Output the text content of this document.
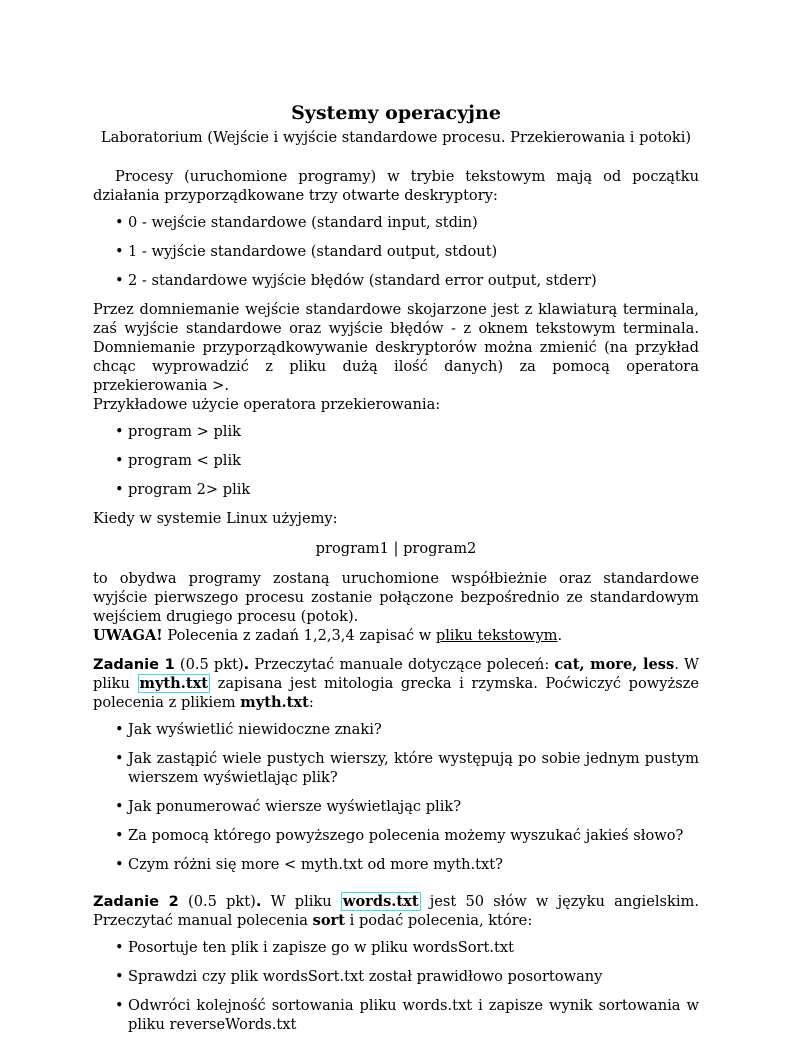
Systemy operacyjne

Laboratorium (Wejście i wyjście standardowe procesu. Przekierowania i potoki)

Procesy (uruchomione programy) w trybie tekstowym mają od początku działania przyporządkowane trzy otwarte deskryptory:

• 0 - wejście standardowe (standard input, stdin)
• 1 - wyjście standardowe (standard output, stdout)
• 2 - standardowe wyjście błędów (standard error output, stderr)

Przez domniemanie wejście standardowe skojarzone jest z klawiaturą terminala, zaś wyjście standardowe oraz wyjście błędów - z oknem tekstowym terminala. Domniemanie przyporządkowywanie deskryptorów można zmienić (na przykład chcąc wyprowadzić z pliku dużą ilość danych) za pomocą operatora przekierowania >.

Przykładowe użycie operatora przekierowania:

• program > plik
• program < plik
• program 2> plik

Kiedy w systemie Linux użyjemy:

program1 | program2

to obydwa programy zostaną uruchomione współbieżnie oraz standardowe wyjście pierwszego procesu zostanie połączone bezpośrednio ze standardowym wejściem drugiego procesu (potok).

UWAGA! Polecenia z zadań 1,2,3,4 zapisać w pliku tekstowym.

Zadanie 1 (0.5 pkt). Przeczytać manuale dotyczące poleceń: cat, more, less. W pliku myth.txt zapisana jest mitologia grecka i rzymska. Poćwiczyć powyższe polecenia z plikiem myth.txt:

• Jak wyświetlić niewidoczne znaki?
• Jak zastąpić wiele pustych wierszy, które występują po sobie jednym pustym wierszem wyświetlając plik?
• Jak ponumerować wiersze wyświetlając plik?
• Za pomocą którego powyższego polecenia możemy wyszukać jakieś słowo?
• Czym różni się more < myth.txt od more myth.txt?

Zadanie 2 (0.5 pkt). W pliku words.txt jest 50 słów w języku angielskim. Przeczytać manual polecenia sort i podać polecenia, które:

• Posortuje ten plik i zapisze go w pliku wordsSort.txt
• Sprawdzi czy plik wordsSort.txt został prawidłowo posortowany
• Odwróci kolejność sortowania pliku words.txt i zapisze wynik sortowania w pliku reverseWords.txt
